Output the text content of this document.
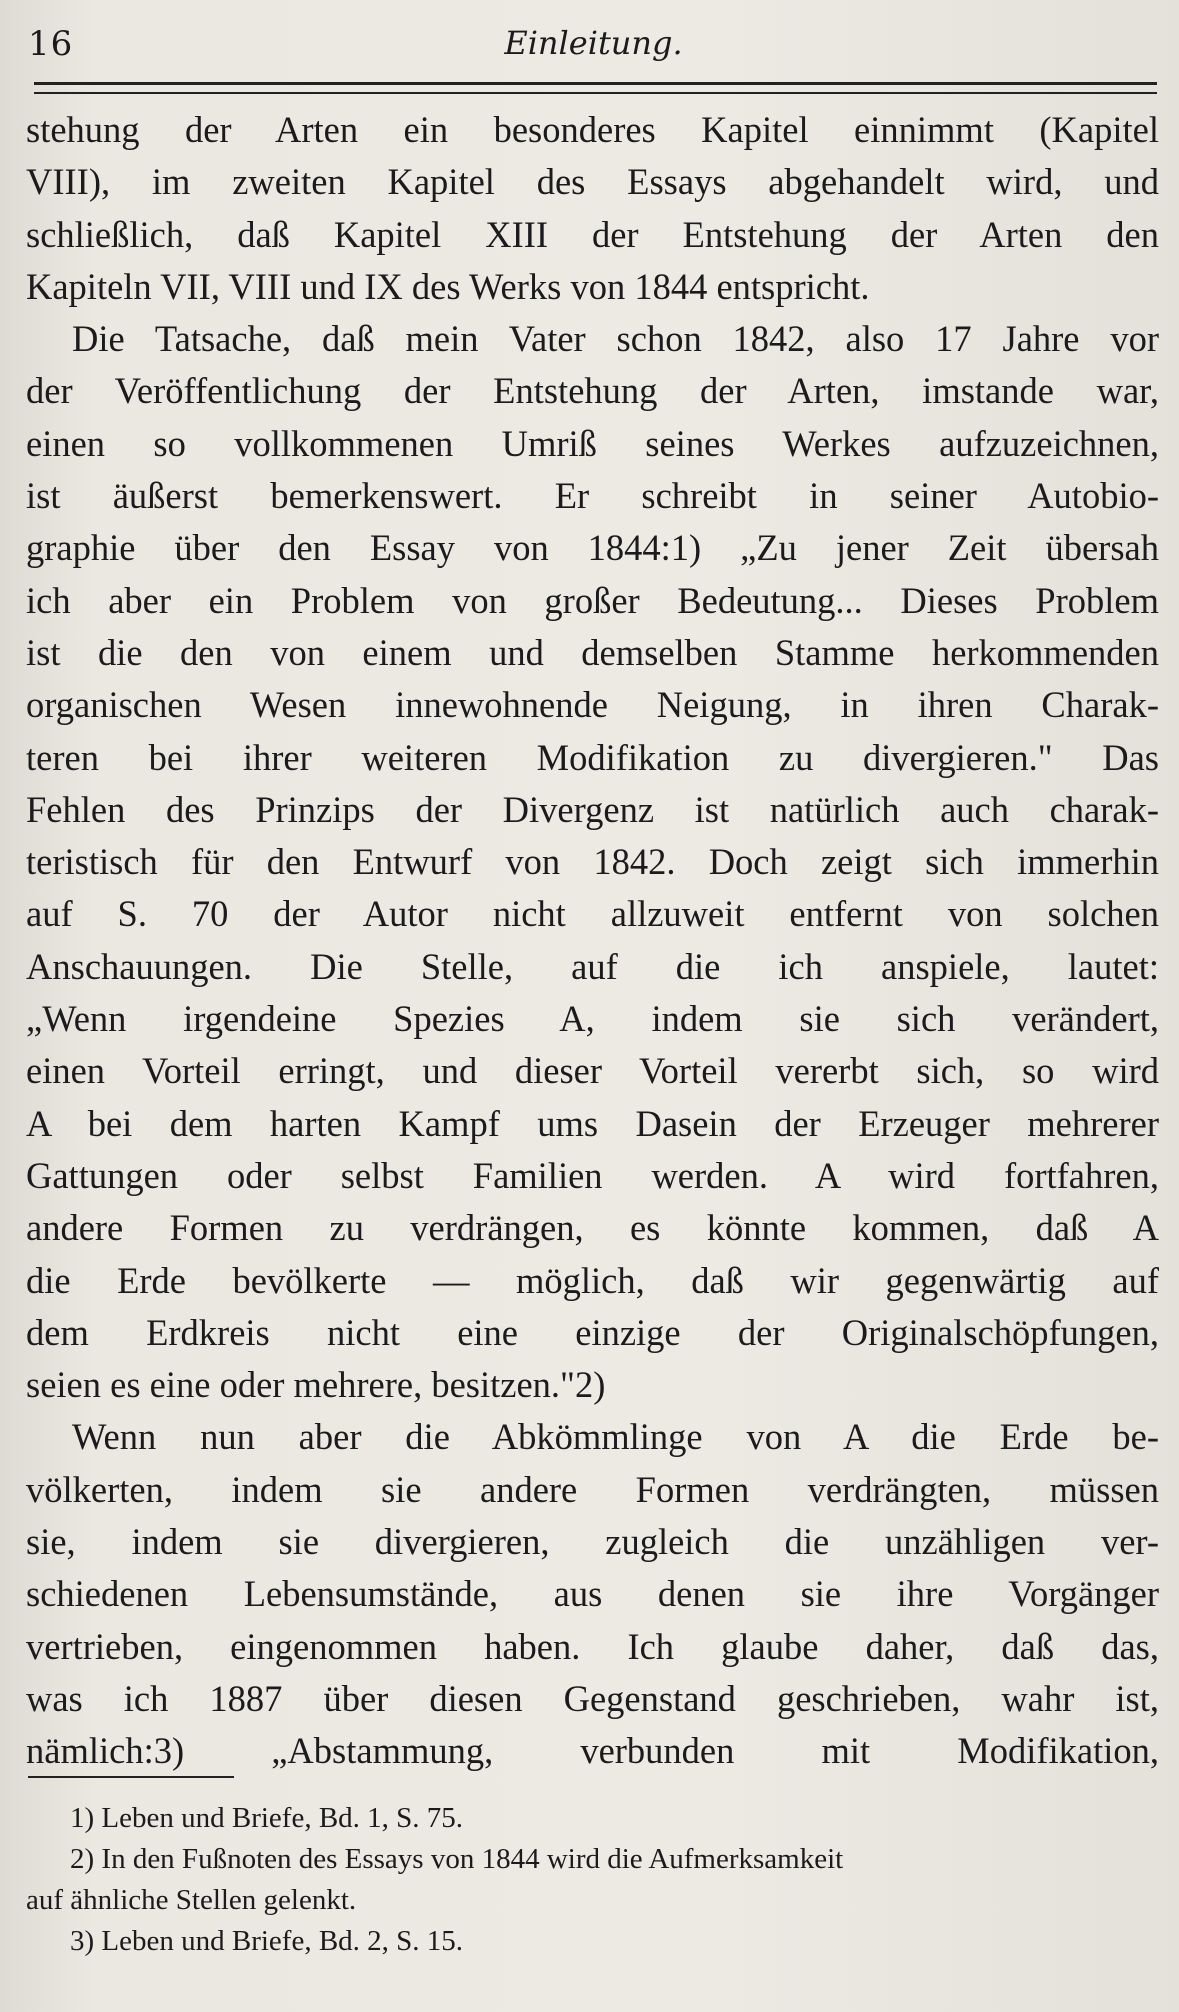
16	Einleitung.
stehung der Arten ein besonderes Kapitel einnimmt (Kapitel
VIII), im zweiten Kapitel des Essays abgehandelt wird, und
schließlich, daß Kapitel XIII der Entstehung der Arten den
Kapiteln VII, VIII und IX des Werks von 1844 entspricht.
Die Tatsache, daß mein Vater schon 1842, also 17 Jahre vor
der Veröffentlichung der Entstehung der Arten, imstande war,
einen so vollkommenen Umriß seines Werkes aufzuzeichnen,
ist äußerst bemerkenswert. Er schreibt in seiner Autobio-
graphie über den Essay von 1844:1) „Zu jener Zeit übersah
ich aber ein Problem von großer Bedeutung... Dieses Problem
ist die den von einem und demselben Stamme herkommenden
organischen Wesen innewohnende Neigung, in ihren Charak-
teren bei ihrer weiteren Modifikation zu divergieren." Das
Fehlen des Prinzips der Divergenz ist natürlich auch charak-
teristisch für den Entwurf von 1842. Doch zeigt sich immerhin
auf S. 70 der Autor nicht allzuweit entfernt von solchen
Anschauungen. Die Stelle, auf die ich anspiele, lautet:
„Wenn irgendeine Spezies A, indem sie sich verändert,
einen Vorteil erringt, und dieser Vorteil vererbt sich, so wird
A bei dem harten Kampf ums Dasein der Erzeuger mehrerer
Gattungen oder selbst Familien werden. A wird fortfahren,
andere Formen zu verdrängen, es könnte kommen, daß A
die Erde bevölkerte — möglich, daß wir gegenwärtig auf
dem Erdkreis nicht eine einzige der Originalschöpfungen,
seien es eine oder mehrere, besitzen."2)
Wenn nun aber die Abkömmlinge von A die Erde be-
völkerten, indem sie andere Formen verdrängten, müssen
sie, indem sie divergieren, zugleich die unzähligen ver-
schiedenen Lebensumstände, aus denen sie ihre Vorgänger
vertrieben, eingenommen haben. Ich glaube daher, daß das,
was ich 1887 über diesen Gegenstand geschrieben, wahr ist,
nämlich:3) „Abstammung, verbunden mit Modifikation,
1) Leben und Briefe, Bd. 1, S. 75.
2) In den Fußnoten des Essays von 1844 wird die Aufmerksamkeit
auf ähnliche Stellen gelenkt.
3) Leben und Briefe, Bd. 2, S. 15.
